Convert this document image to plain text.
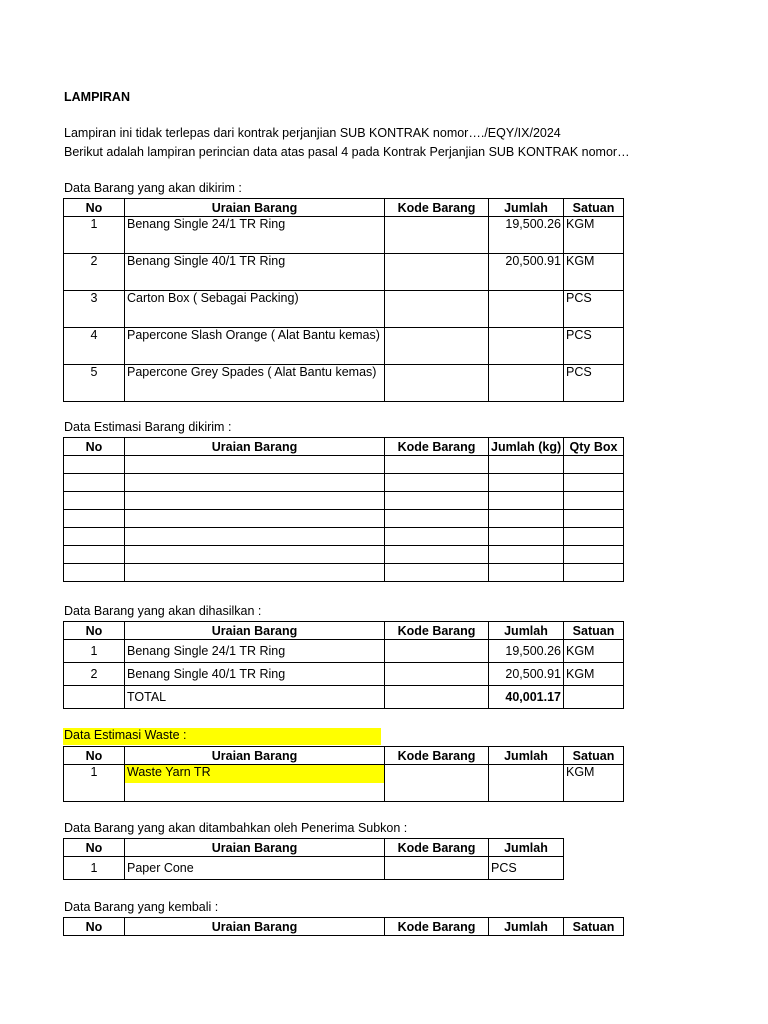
LAMPIRAN
Lampiran ini tidak terlepas dari kontrak perjanjian SUB KONTRAK nomor…./EQY/IX/2024
Berikut adalah lampiran perincian data atas pasal 4 pada Kontrak Perjanjian SUB KONTRAK nomor…
Data Barang yang akan dikirim :
No	Uraian Barang	Kode Barang	Jumlah	Satuan
1	Benang Single 24/1 TR Ring		19,500.26	KGM
2	Benang Single 40/1 TR Ring		20,500.91	KGM
3	Carton Box ( Sebagai Packing)			PCS
4	Papercone Slash Orange ( Alat Bantu kemas)			PCS
5	Papercone Grey Spades ( Alat Bantu kemas)			PCS
Data Estimasi Barang dikirim :
No	Uraian Barang	Kode Barang	Jumlah (kg)	Qty Box

Data Barang yang akan dihasilkan :
No	Uraian Barang	Kode Barang	Jumlah	Satuan
1	Benang Single 24/1 TR Ring		19,500.26	KGM
2	Benang Single 40/1 TR Ring		20,500.91	KGM
	TOTAL		40,001.17	
Data Estimasi Waste :
No	Uraian Barang	Kode Barang	Jumlah	Satuan
1	Waste Yarn TR			KGM
Data Barang yang akan ditambahkan oleh Penerima Subkon :
No	Uraian Barang	Kode Barang	Jumlah
1	Paper Cone		PCS
Data Barang yang kembali :
No	Uraian Barang	Kode Barang	Jumlah	Satuan
